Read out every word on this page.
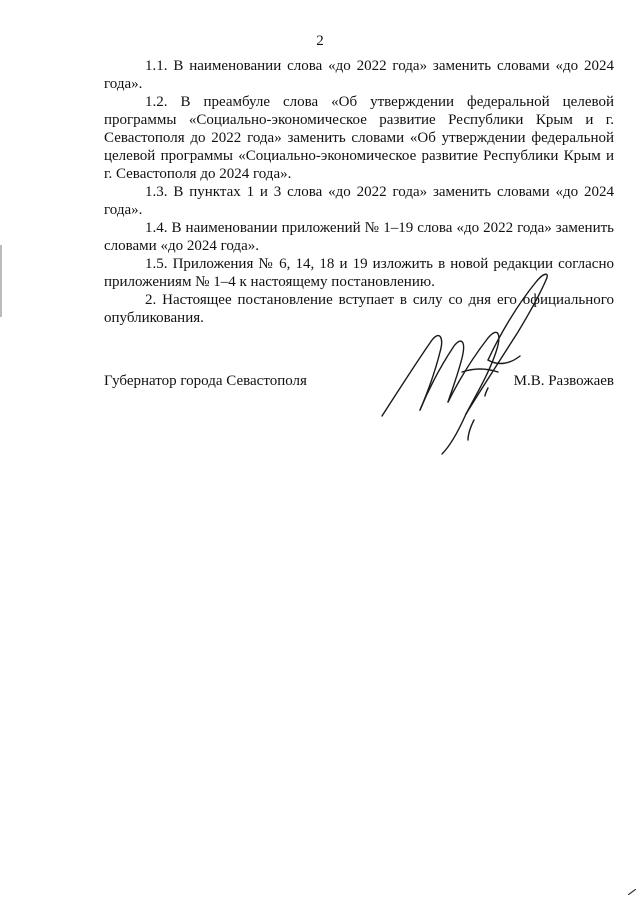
2

1.1. В наименовании слова «до 2022 года» заменить словами «до 2024 года».

1.2. В преамбуле слова «Об утверждении федеральной целевой программы «Социально-экономическое развитие Республики Крым и г. Севастополя до 2022 года» заменить словами «Об утверждении федеральной целевой программы «Социально-экономическое развитие Республики Крым и г. Севастополя до 2024 года».

1.3. В пунктах 1 и 3 слова «до 2022 года» заменить словами «до 2024 года».

1.4. В наименовании приложений № 1–19 слова «до 2022 года» заменить словами «до 2024 года».

1.5. Приложения № 6, 14, 18 и 19 изложить в новой редакции согласно приложениям № 1–4 к настоящему постановлению.

2. Настоящее постановление вступает в силу со дня его официального опубликования.

Губернатор города Севастополя	М.В. Развожаев
